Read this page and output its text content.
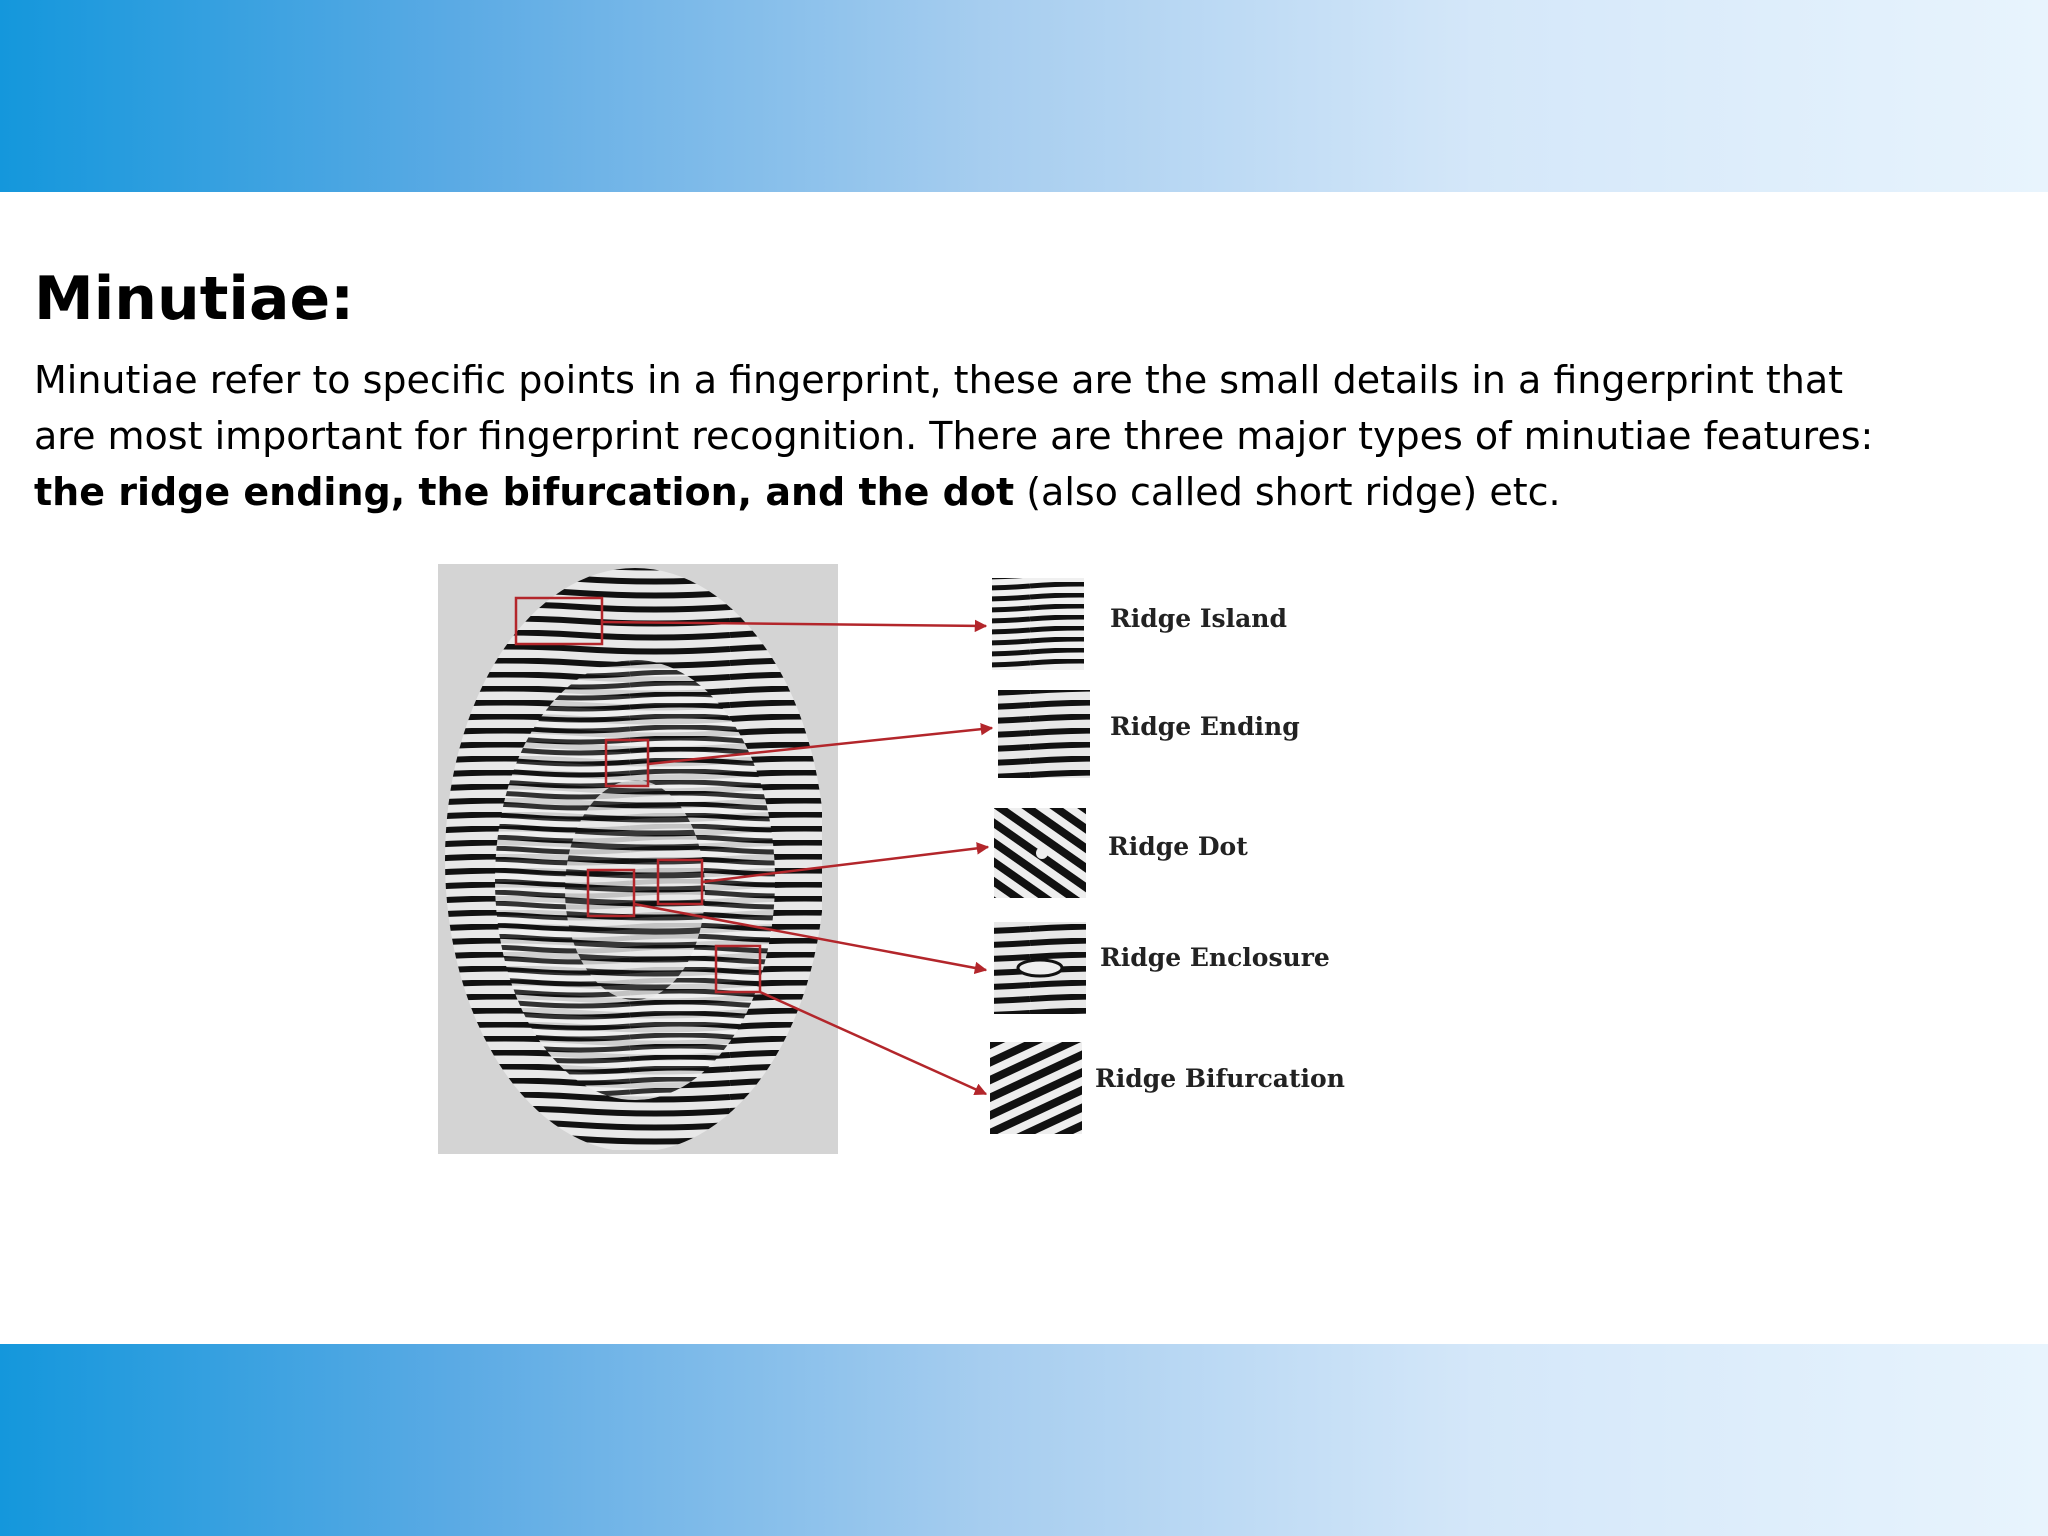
Minutiae:

Minutiae refer to specific points in a fingerprint, these are the small details in a fingerprint that
are most important for fingerprint recognition. There are three major types of minutiae features:
the ridge ending, the bifurcation, and the dot (also called short ridge) etc.

Ridge Island
Ridge Ending
Ridge Dot
Ridge Enclosure
Ridge Bifurcation
